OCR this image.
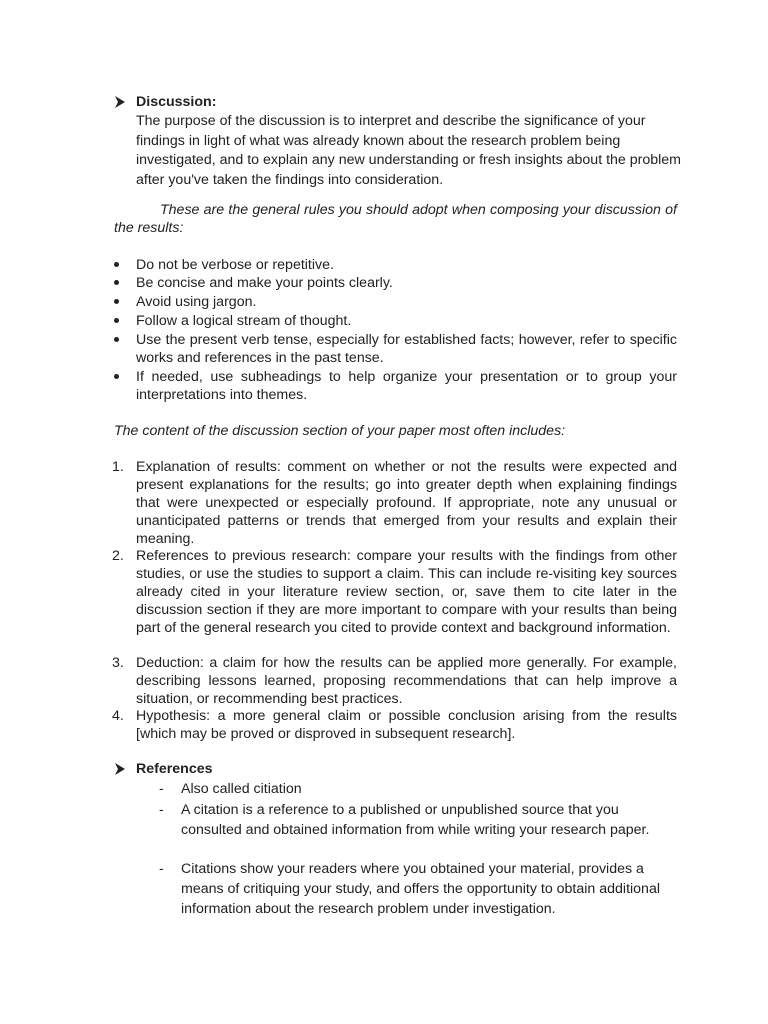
Discussion:

The purpose of the discussion is to interpret and describe the significance of your findings in light of what was already known about the research problem being investigated, and to explain any new understanding or fresh insights about the problem after you've taken the findings into consideration.

These are the general rules you should adopt when composing your discussion of the results:

Do not be verbose or repetitive.
Be concise and make your points clearly.
Avoid using jargon.
Follow a logical stream of thought.
Use the present verb tense, especially for established facts; however, refer to specific works and references in the past tense.
If needed, use subheadings to help organize your presentation or to group your interpretations into themes.

The content of the discussion section of your paper most often includes:

1. Explanation of results: comment on whether or not the results were expected and present explanations for the results; go into greater depth when explaining findings that were unexpected or especially profound. If appropriate, note any unusual or unanticipated patterns or trends that emerged from your results and explain their meaning.
2. References to previous research: compare your results with the findings from other studies, or use the studies to support a claim. This can include re-visiting key sources already cited in your literature review section, or, save them to cite later in the discussion section if they are more important to compare with your results than being part of the general research you cited to provide context and background information.
3. Deduction: a claim for how the results can be applied more generally. For example, describing lessons learned, proposing recommendations that can help improve a situation, or recommending best practices.
4. Hypothesis: a more general claim or possible conclusion arising from the results [which may be proved or disproved in subsequent research].
References
- Also called citiation
- A citation is a reference to a published or unpublished source that you consulted and obtained information from while writing your research paper.
- Citations show your readers where you obtained your material, provides a means of critiquing your study, and offers the opportunity to obtain additional information about the research problem under investigation.
